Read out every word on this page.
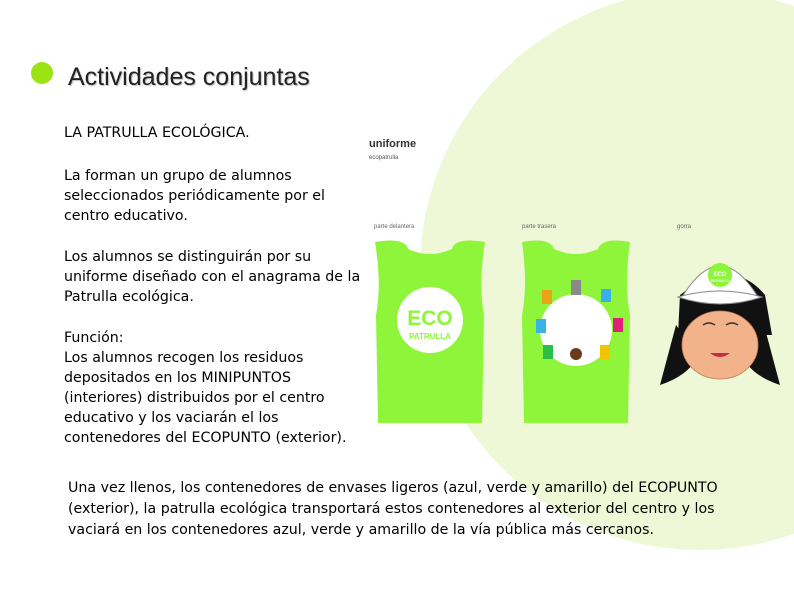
Actividades conjuntas
LA PATRULLA ECOLÓGICA.
La forman un grupo de alumnos seleccionados periódicamente por el centro educativo.
Los alumnos se distinguirán por su uniforme diseñado con el anagrama de la Patrulla ecológica.
Función:
Los alumnos recogen los residuos depositados en los MINIPUNTOS (interiores) distribuidos por el centro educativo y los vaciarán el los contenedores del ECOPUNTO (exterior).
uniforme
ecopatrulla
parte delantera	parte trasera	gorra
ECO
PATRULLA
ECO
PATRULLA
Una vez llenos, los contenedores de envases ligeros (azul, verde y amarillo) del ECOPUNTO (exterior), la patrulla ecológica transportará estos contenedores al exterior del centro y los vaciará en los contenedores azul, verde y amarillo de la vía pública más cercanos.
